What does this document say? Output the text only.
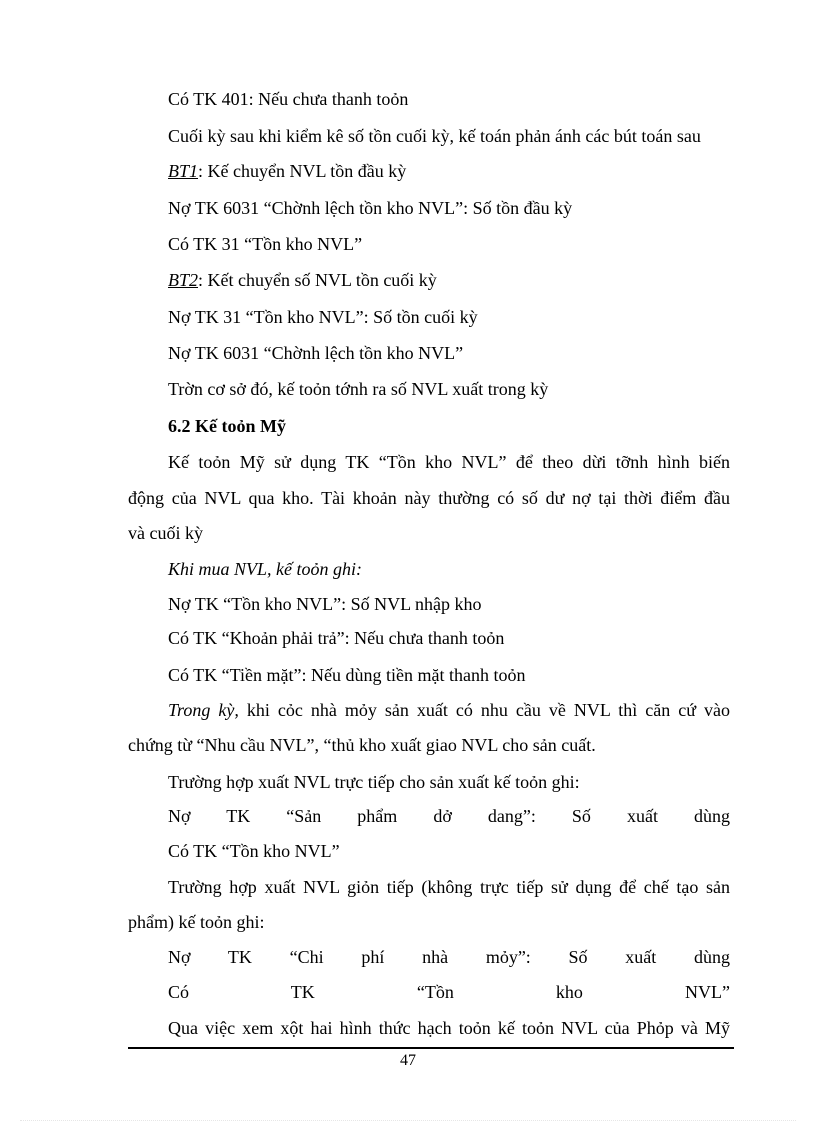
Có TK 401: Nếu chưa thanh toỏn
Cuối kỳ sau khi kiểm kê số tồn cuối kỳ, kế toán phản ánh các bút toán sau
BT1: Kế chuyển NVL tồn đầu kỳ
Nợ TK 6031 “Chờnh lệch tồn kho NVL”: Số tồn đầu kỳ
Có TK 31 “Tồn kho NVL”
BT2: Kết chuyển số NVL tồn cuối kỳ
Nợ TK 31 “Tồn kho NVL”: Số tồn cuối kỳ
Nợ TK 6031 “Chờnh lệch tồn kho NVL”
Trờn cơ sở đó, kế toỏn tớnh ra số NVL xuất trong kỳ
6.2 Kế toỏn Mỹ
Kế toỏn Mỹ sử dụng TK “Tồn kho NVL” để theo dừi tỡnh hình biến
động của NVL qua kho. Tài khoản này thường có số dư nợ tại thời điểm đầu
và cuối kỳ
Khi mua NVL, kế toỏn ghi:
Nợ TK “Tồn kho NVL”: Số NVL nhập kho
Có TK “Khoản phải trả”: Nếu chưa thanh toỏn
Có TK “Tiền mặt”: Nếu dùng tiền mặt thanh toỏn
Trong kỳ, khi cỏc nhà mỏy sản xuất có nhu cầu về NVL thì căn cứ vào
chứng từ “Nhu cầu NVL”, “thủ kho xuất giao NVL cho sản cuất.
Trường hợp xuất NVL trực tiếp cho sản xuất kế toỏn ghi:
Nợ TK “Sản phẩm dở dang”: Số xuất dùng
Có TK “Tồn kho NVL”
Trường hợp xuất NVL giỏn tiếp (không trực tiếp sử dụng để chế tạo sản
phẩm) kế toỏn ghi:
Nợ TK “Chi phí nhà mỏy”: Số xuất dùng
Có TK “Tồn kho NVL”
Qua việc xem xột hai hình thức hạch toỏn kế toỏn NVL của Phỏp và Mỹ
47
